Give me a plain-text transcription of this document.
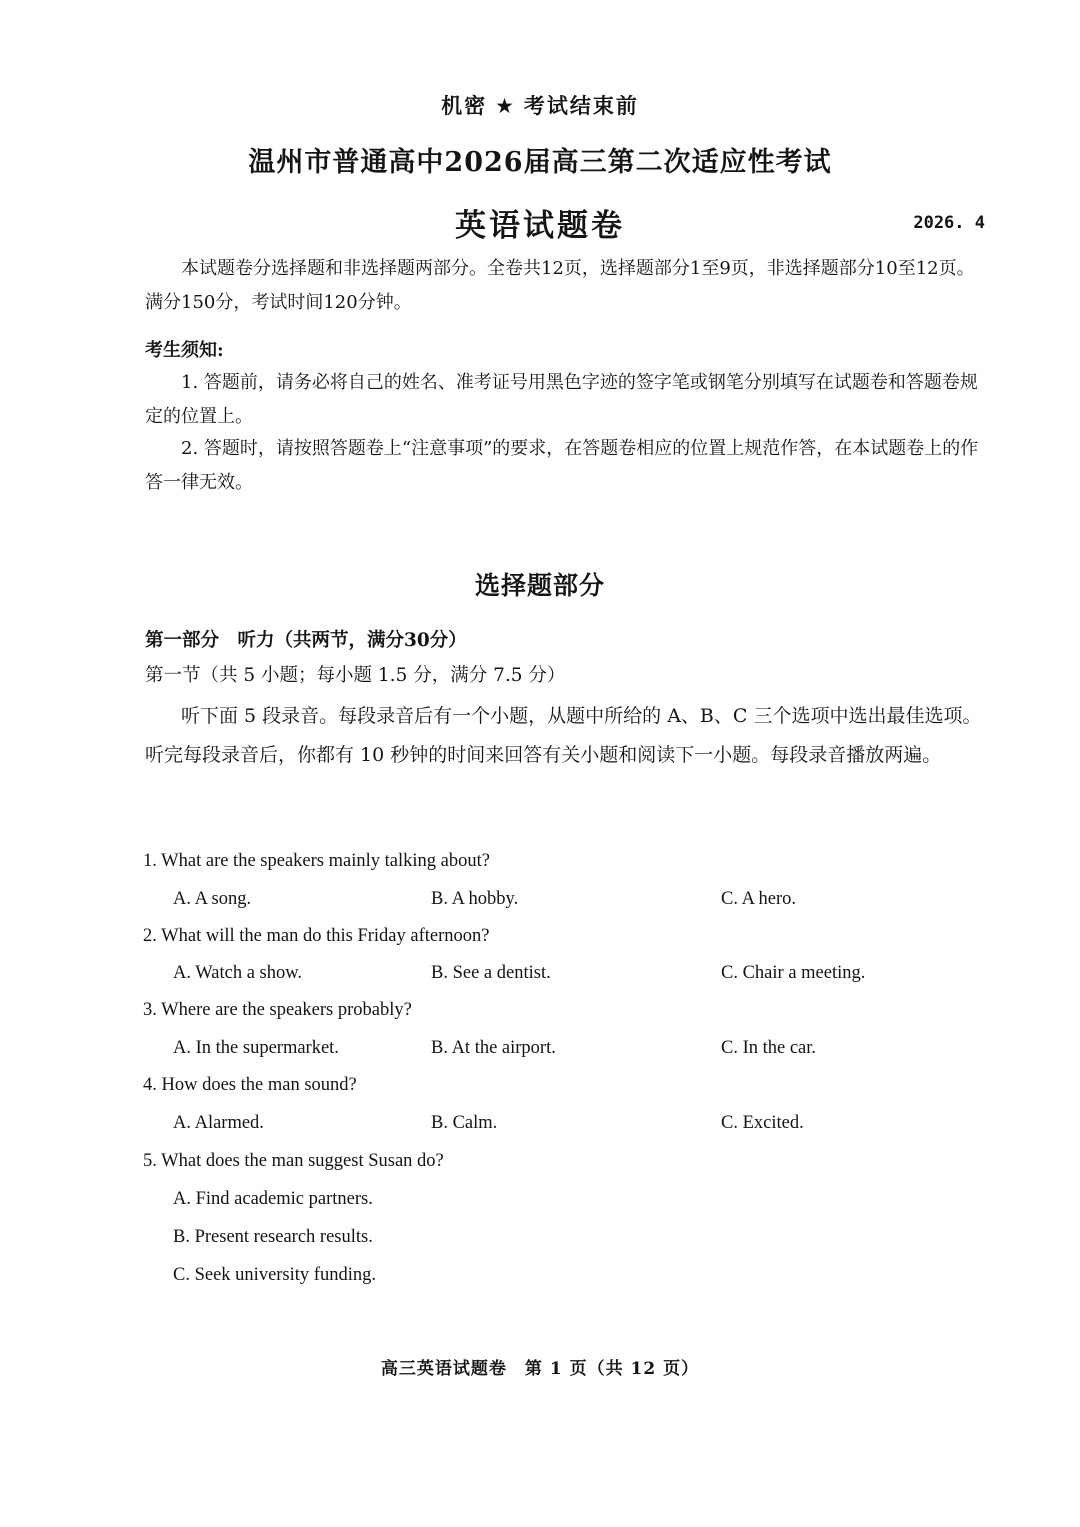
机密 ★ 考试结束前
温州市普通高中2026届高三第二次适应性考试
英语试题卷	2026. 4
本试题卷分选择题和非选择题两部分。全卷共12页，选择题部分1至9页，非选择题部分10至12页。满分150分，考试时间120分钟。
考生须知:
1. 答题前，请务必将自己的姓名、准考证号用黑色字迹的签字笔或钢笔分别填写在试题卷和答题卷规定的位置上。
2. 答题时，请按照答题卷上“注意事项”的要求，在答题卷相应的位置上规范作答，在本试题卷上的作答一律无效。
选择题部分
第一部分　听力（共两节，满分30分）
第一节（共 5 小题；每小题 1.5 分，满分 7.5 分）
听下面 5 段录音。每段录音后有一个小题，从题中所给的 A、B、C 三个选项中选出最佳选项。听完每段录音后，你都有 10 秒钟的时间来回答有关小题和阅读下一小题。每段录音播放两遍。
1. What are the speakers mainly talking about?
A. A song.	B. A hobby.	C. A hero.
2. What will the man do this Friday afternoon?
A. Watch a show.	B. See a dentist.	C. Chair a meeting.
3. Where are the speakers probably?
A. In the supermarket.	B. At the airport.	C. In the car.
4. How does the man sound?
A. Alarmed.	B. Calm.	C. Excited.
5. What does the man suggest Susan do?
A. Find academic partners.
B. Present research results.
C. Seek university funding.
高三英语试题卷　第 1 页（共 12 页）
